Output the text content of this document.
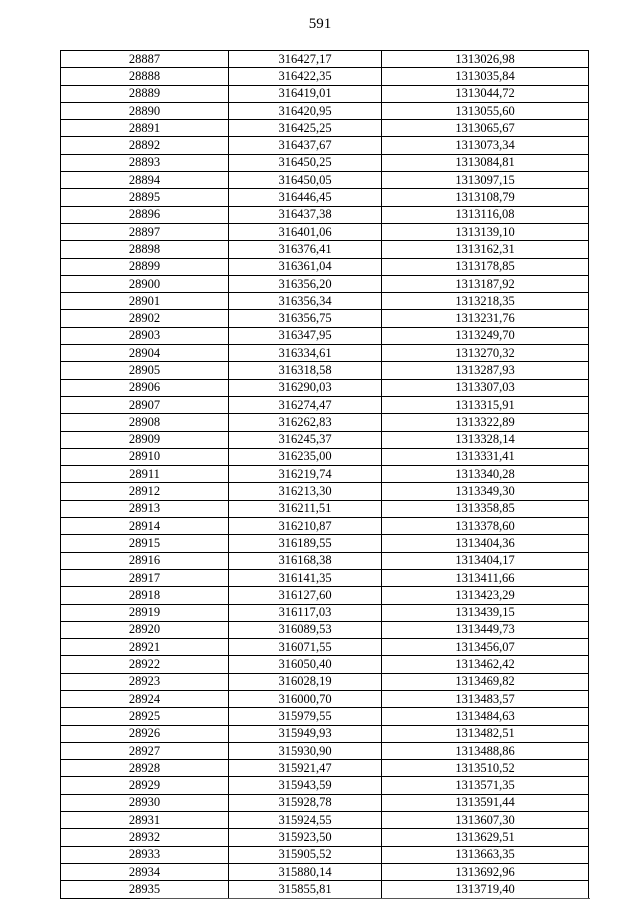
591
28887	316427,17	1313026,98
28888	316422,35	1313035,84
28889	316419,01	1313044,72
28890	316420,95	1313055,60
28891	316425,25	1313065,67
28892	316437,67	1313073,34
28893	316450,25	1313084,81
28894	316450,05	1313097,15
28895	316446,45	1313108,79
28896	316437,38	1313116,08
28897	316401,06	1313139,10
28898	316376,41	1313162,31
28899	316361,04	1313178,85
28900	316356,20	1313187,92
28901	316356,34	1313218,35
28902	316356,75	1313231,76
28903	316347,95	1313249,70
28904	316334,61	1313270,32
28905	316318,58	1313287,93
28906	316290,03	1313307,03
28907	316274,47	1313315,91
28908	316262,83	1313322,89
28909	316245,37	1313328,14
28910	316235,00	1313331,41
28911	316219,74	1313340,28
28912	316213,30	1313349,30
28913	316211,51	1313358,85
28914	316210,87	1313378,60
28915	316189,55	1313404,36
28916	316168,38	1313404,17
28917	316141,35	1313411,66
28918	316127,60	1313423,29
28919	316117,03	1313439,15
28920	316089,53	1313449,73
28921	316071,55	1313456,07
28922	316050,40	1313462,42
28923	316028,19	1313469,82
28924	316000,70	1313483,57
28925	315979,55	1313484,63
28926	315949,93	1313482,51
28927	315930,90	1313488,86
28928	315921,47	1313510,52
28929	315943,59	1313571,35
28930	315928,78	1313591,44
28931	315924,55	1313607,30
28932	315923,50	1313629,51
28933	315905,52	1313663,35
28934	315880,14	1313692,96
28935	315855,81	1313719,40
